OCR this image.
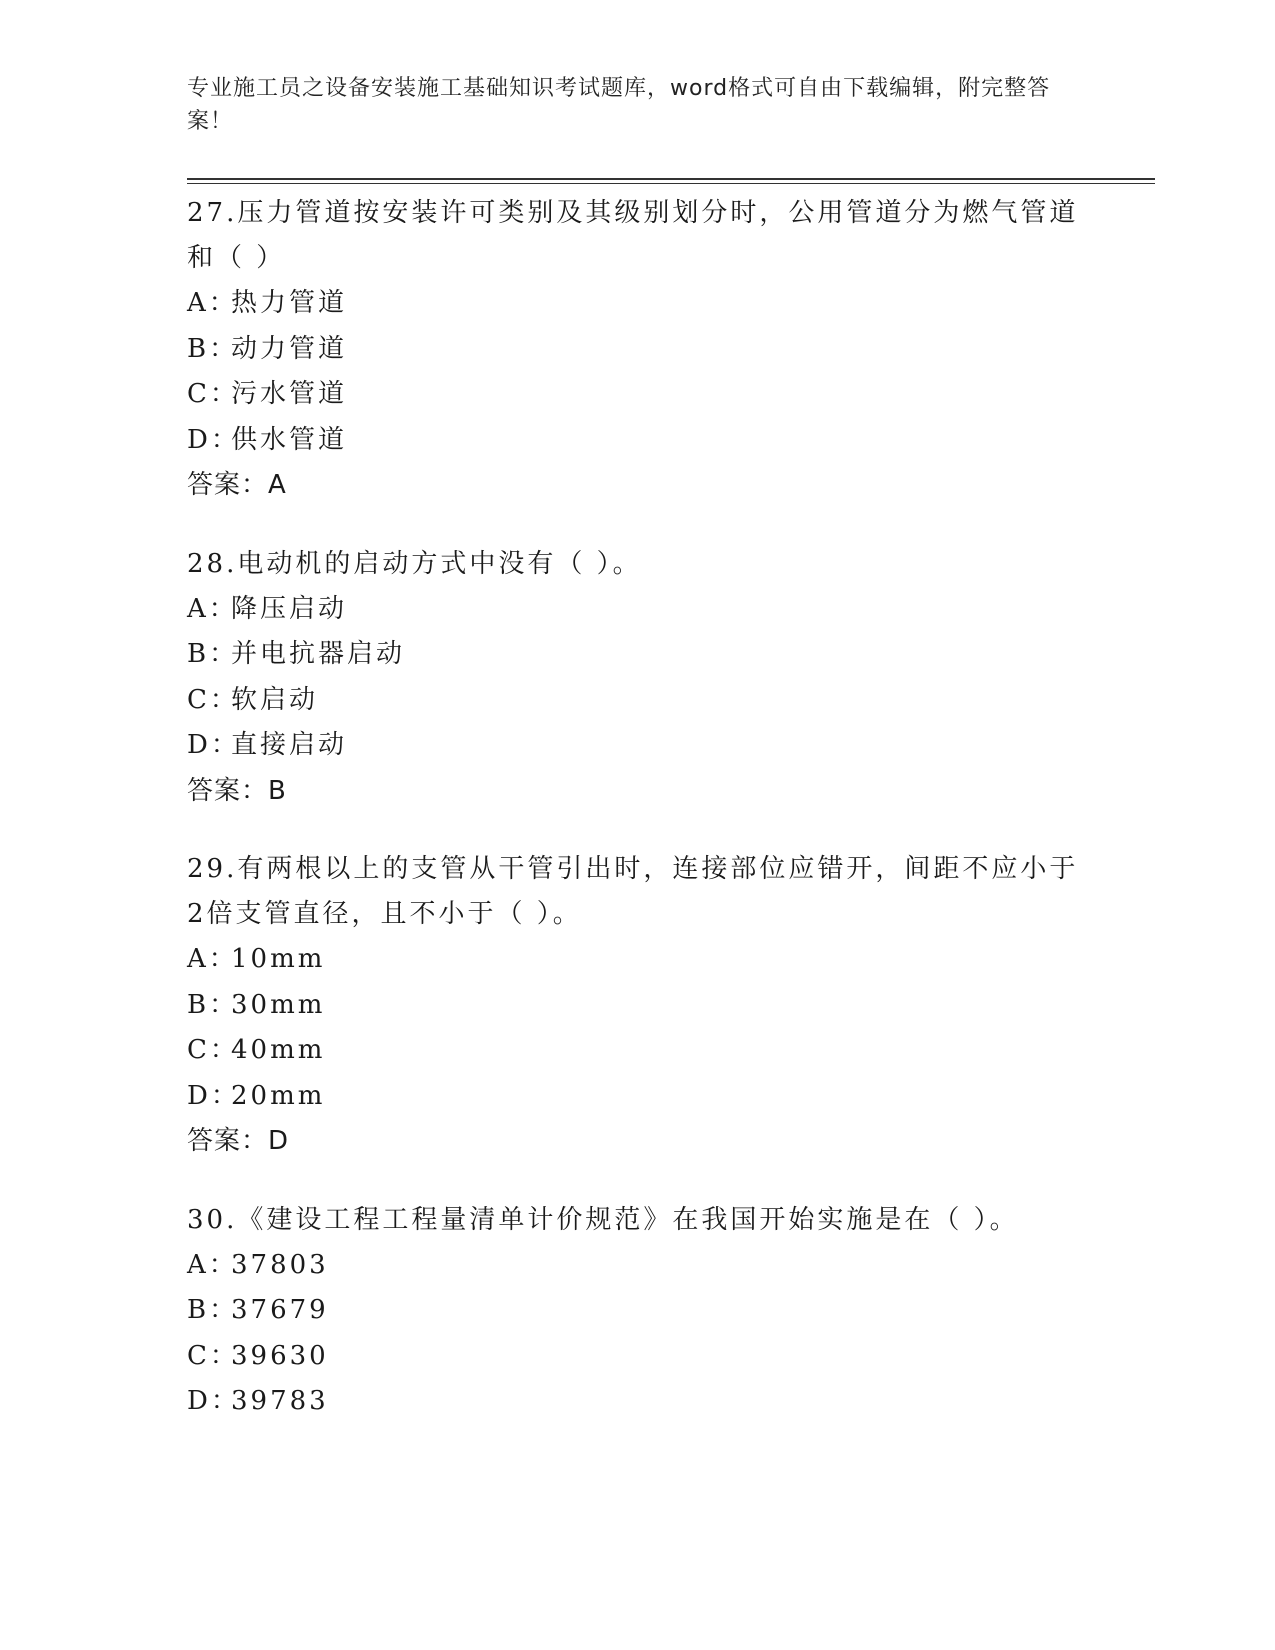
专业施工员之设备安装施工基础知识考试题库，word格式可自由下载编辑，附完整答案！

27.压力管道按安装许可类别及其级别划分时，公用管道分为燃气管道和（ ）

A：热力管道

B：动力管道

C：污水管道

D：供水管道

答案：A

28.电动机的启动方式中没有（ ）。

A：降压启动

B：并电抗器启动

C：软启动

D：直接启动

答案：B

29.有两根以上的支管从干管引出时，连接部位应错开，间距不应小于2倍支管直径，且不小于（ ）。

A：10mm

B：30mm

C：40mm

D：20mm

答案：D

30.《建设工程工程量清单计价规范》在我国开始实施是在（ ）。

A：37803

B：37679

C：39630

D：39783
